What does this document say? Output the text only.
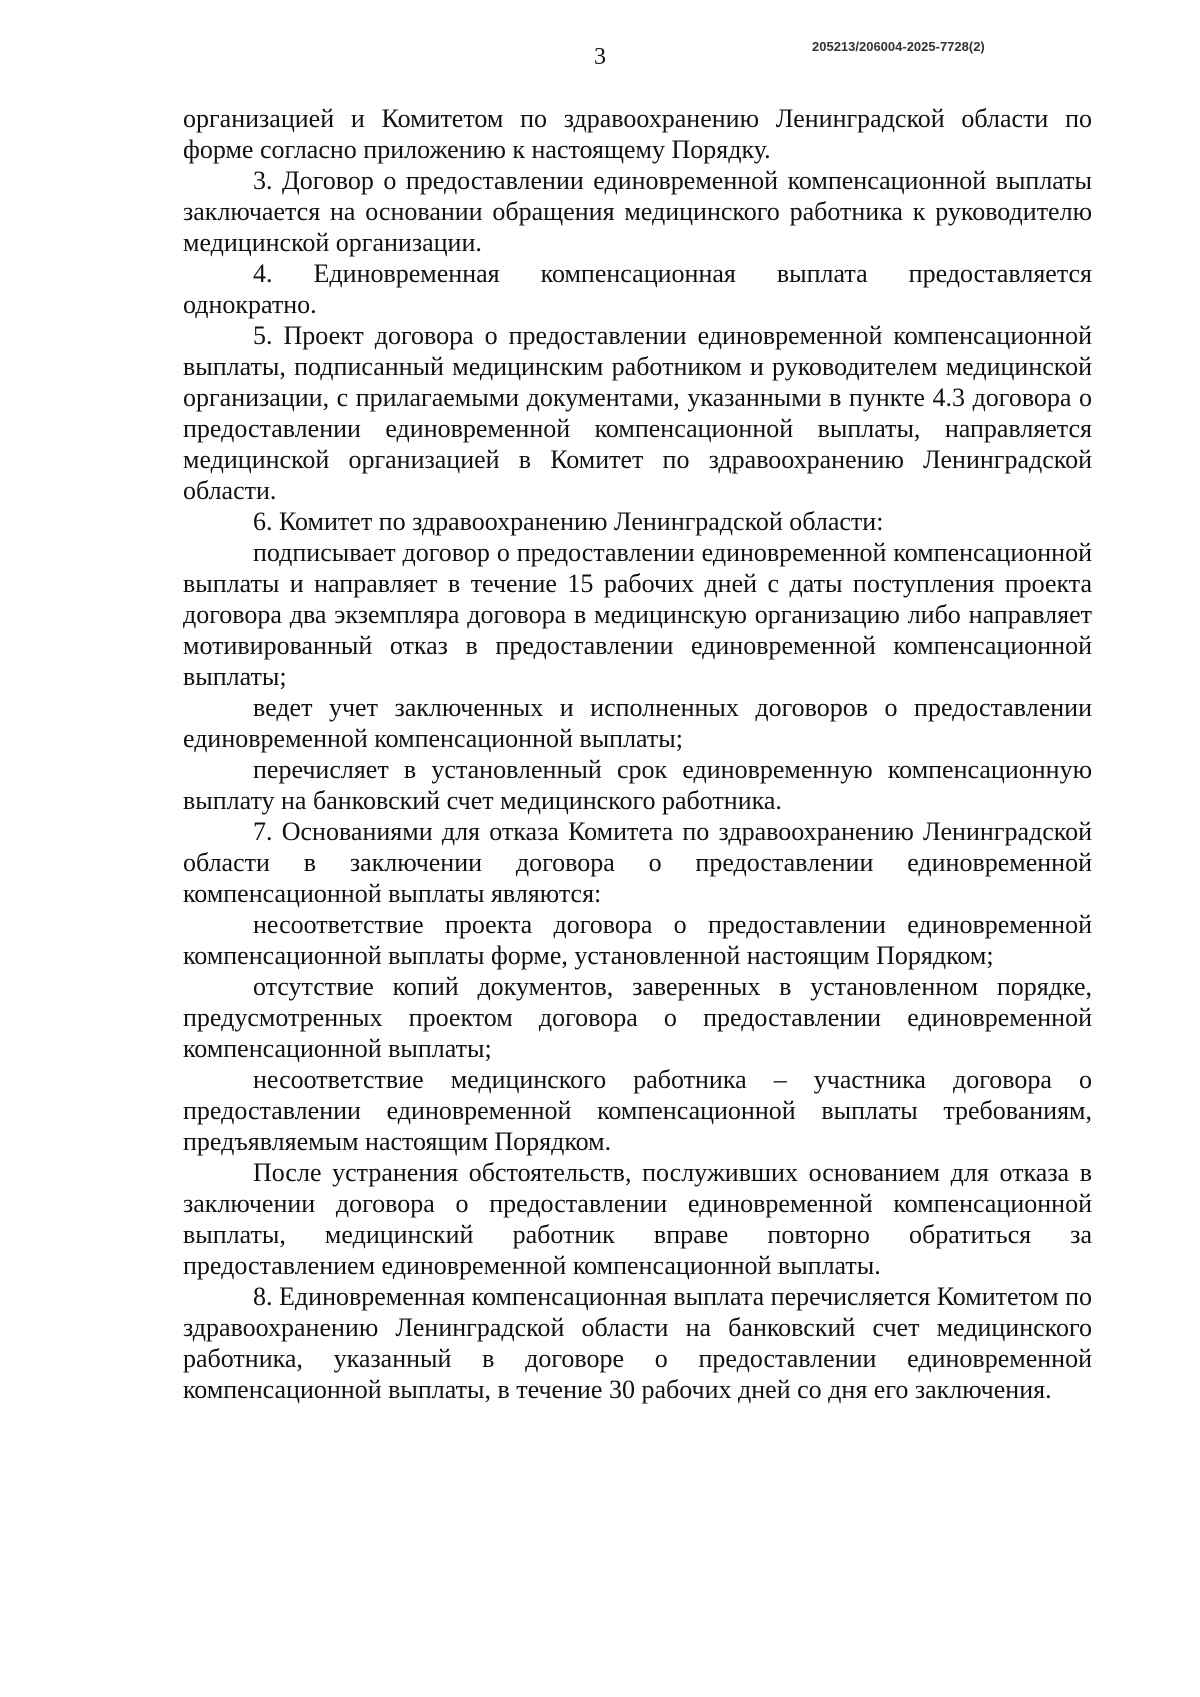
3	205213/206004-2025-7728(2)

организацией и Комитетом по здравоохранению Ленинградской области по форме согласно приложению к настоящему Порядку.

3. Договор о предоставлении единовременной компенсационной выплаты заключается на основании обращения медицинского работника к руководителю медицинской организации.

4. Единовременная компенсационная выплата предоставляется однократно.

5. Проект договора о предоставлении единовременной компенсационной выплаты, подписанный медицинским работником и руководителем медицинской организации, с прилагаемыми документами, указанными в пункте 4.3 договора о предоставлении единовременной компенсационной выплаты, направляется медицинской организацией в Комитет по здравоохранению Ленинградской области.

6. Комитет по здравоохранению Ленинградской области:

подписывает договор о предоставлении единовременной компенсационной выплаты и направляет в течение 15 рабочих дней с даты поступления проекта договора два экземпляра договора в медицинскую организацию либо направляет мотивированный отказ в предоставлении единовременной компенсационной выплаты;

ведет учет заключенных и исполненных договоров о предоставлении единовременной компенсационной выплаты;

перечисляет в установленный срок единовременную компенсационную выплату на банковский счет медицинского работника.

7. Основаниями для отказа Комитета по здравоохранению Ленинградской области в заключении договора о предоставлении единовременной компенсационной выплаты являются:

несоответствие проекта договора о предоставлении единовременной компенсационной выплаты форме, установленной настоящим Порядком;

отсутствие копий документов, заверенных в установленном порядке, предусмотренных проектом договора о предоставлении единовременной компенсационной выплаты;

несоответствие медицинского работника – участника договора о предоставлении единовременной компенсационной выплаты требованиям, предъявляемым настоящим Порядком.

После устранения обстоятельств, послуживших основанием для отказа в заключении договора о предоставлении единовременной компенсационной выплаты, медицинский работник вправе повторно обратиться за предоставлением единовременной компенсационной выплаты.

8. Единовременная компенсационная выплата перечисляется Комитетом по здравоохранению Ленинградской области на банковский счет медицинского работника, указанный в договоре о предоставлении единовременной компенсационной выплаты, в течение 30 рабочих дней со дня его заключения.
